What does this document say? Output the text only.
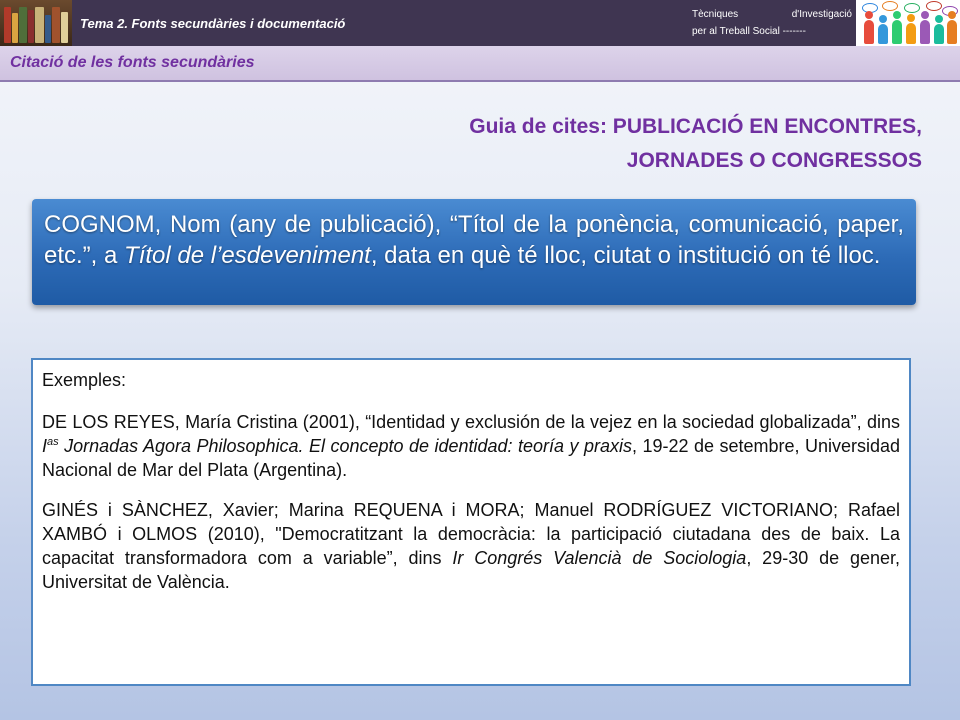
Tema 2. Fonts secundàries i documentació
Tècniques	d'Investigació
per al Treball Social -------
Citació de les fonts secundàries
Guia de cites: PUBLICACIÓ EN ENCONTRES,
JORNADES O CONGRESSOS
COGNOM, Nom (any de publicació), “Títol de la ponència, comunicació, paper, etc.”, a Títol de l’esdeveniment, data en què té lloc, ciutat o institució on té lloc.

Exemples:

DE LOS REYES, María Cristina (2001), “Identidad y exclusión de la vejez en la sociedad globalizada”, dins $I^{as}$ Jornadas Agora Philosophica. El concepto de identidad: teoría y praxis, 19-22 de setembre, Universidad Nacional de Mar del Plata (Argentina).

GINÉS i SÀNCHEZ, Xavier; Marina REQUENA i MORA; Manuel RODRÍGUEZ VICTORIANO; Rafael XAMBÓ i OLMOS (2010), "Democratitzant la democràcia: la participació ciutadana des de baix. La capacitat transformadora com a variable”, dins Ir Congrés Valencià de Sociologia, 29-30 de gener, Universitat de València.
